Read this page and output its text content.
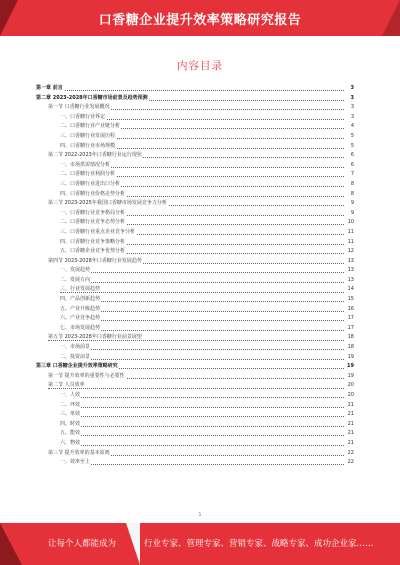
口香糖企业提升效率策略研究报告
内容目录
第一章 前言	3
第二章 2023-2028年口香糖市场前景及趋势预测	3
第一节 口香糖行业发展概况	3
一、口香糖行业界定	3
二、口香糖行业产业链分析	4
三、口香糖行业发展历程	5
四、口香糖行业市场规模	5
第二节 2022-2023年口香糖行业运行现状	6
一、市场供需情况分析	6
二、口香糖行业利润分析	7
三、口香糖行业进出口分析	8
四、口香糖行业价格走势分析	8
第三节 2023-2025年我国口香糖市场发展竞争力分析	9
一、口香糖行业竞争格局分析	9
二、口香糖行业竞争态势分析	10
三、口香糖行业重点企业竞争分析	11
四、口香糖行业竞争策略分析	11
五、口香糖企业竞争优势分析	12
第四节 2023-2028年口香糖行业发展趋势	13
一、发展趋势	13
二、发展方向	13
三、行业发展趋势	14
四、产品创新趋势	15
五、产业升级趋势	16
六、产业竞争趋势	17
七、市场发展趋势	17
第五节 2023-2028年口香糖行业前景展望	18
一、市场前景	18
二、投资前景	19
第三章 口香糖企业提升效率策略研究	19
第一节 提升效率的重要性与必要性	19
第二节 人员效率	20
一、人效	20
二、坪效	21
三、单效	21
四、时效	21
五、能效	21
六、物效	21
第三节 提升效率的基本原则	22
一、效率至上	22
1
让每个人都能成为	行业专家、管理专家、营销专家、战略专家、成功企业家……
